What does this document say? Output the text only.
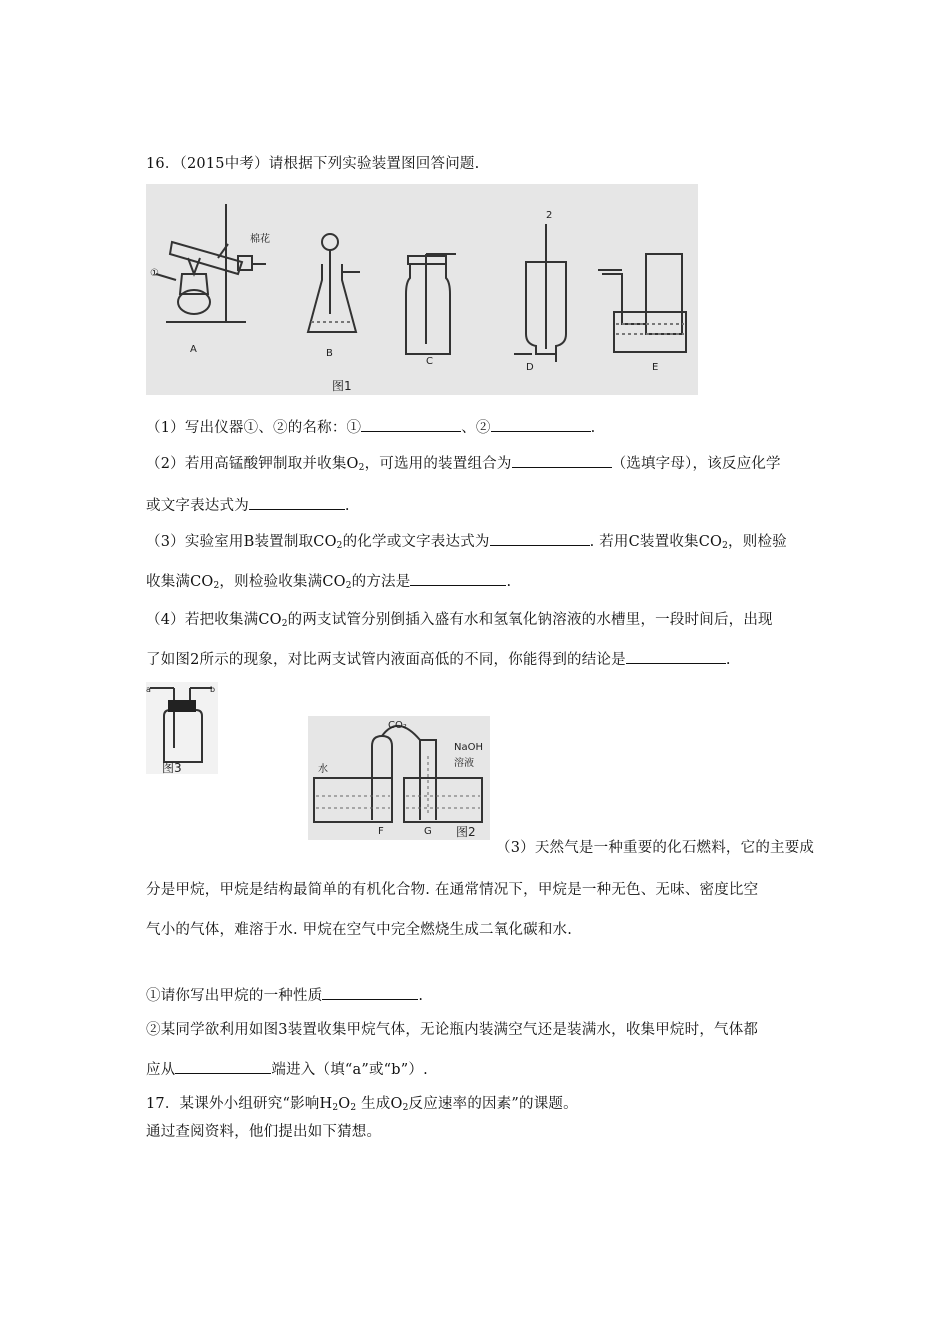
16．（2015中考）请根据下列实验装置图回答问题.
棉花
①
2
A	B
C
D	E
图1
（1）写出仪器①、②的名称：①	、②	.
（2）若用高锰酸钾制取并收集$O_2$，可选用的装置组合为	（选填字母），该反应化学
或文字表达式为	.
（3）实验室用B装置制取$CO_2$的化学或文字表达式为	. 若用C装置收集$CO_2$，则检验
收集满$CO_2$，则检验收集满$CO_2$的方法是	.
（4）若把收集满$CO_2$的两支试管分别倒插入盛有水和氢氧化钠溶液的水槽里，一段时间后，出现
了如图2所示的现象，对比两支试管内液面高低的不同，你能得到的结论是	.
a	b
图3
CO₂
NaOH
溶液
水
F	G 图2
（3）天然气是一种重要的化石燃料，它的主要成
分是甲烷，甲烷是结构最简单的有机化合物. 在通常情况下，甲烷是一种无色、无味、密度比空
气小的气体，难溶于水. 甲烷在空气中完全燃烧生成二氧化碳和水.
①请你写出甲烷的一种性质	.
②某同学欲利用如图3装置收集甲烷气体，无论瓶内装满空气还是装满水，收集甲烷时，气体都
应从	端进入（填“a”或“b”）.
17．某课外小组研究“影响$H_2O_2$ 生成$O_2$反应速率的因素”的课题。
通过查阅资料，他们提出如下猜想。
